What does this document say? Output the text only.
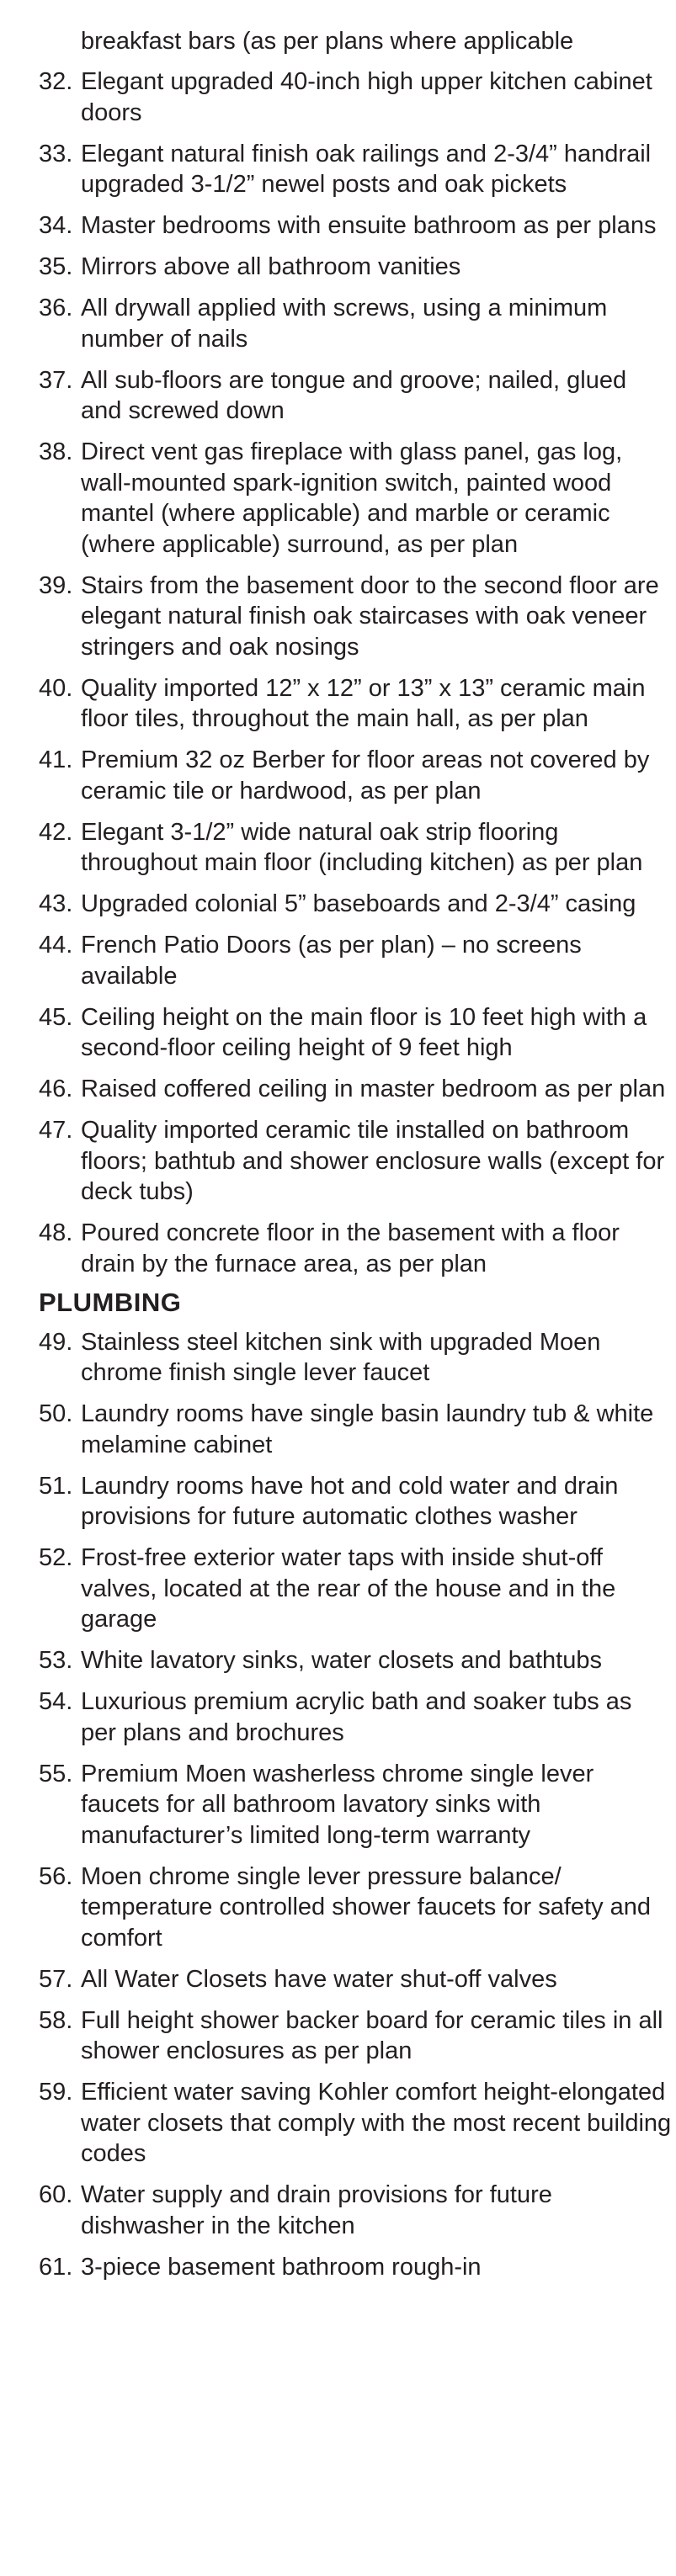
breakfast bars (as per plans where applicable
32. Elegant upgraded 40-inch high upper kitchen cabinet doors
33. Elegant natural finish oak railings and 2-3/4” handrail upgraded 3-1/2” newel posts and oak pickets
34. Master bedrooms with ensuite bathroom as per plans
35. Mirrors above all bathroom vanities
36. All drywall applied with screws, using a minimum number of nails
37. All sub-floors are tongue and groove; nailed, glued and screwed down
38. Direct vent gas fireplace with glass panel, gas log, wall-mounted spark-ignition switch, painted wood mantel (where applicable) and marble or ceramic (where applicable) surround, as per plan
39. Stairs from the basement door to the second floor are elegant natural finish oak staircases with oak veneer stringers and oak nosings
40. Quality imported 12” x 12” or 13” x 13” ceramic main floor tiles, throughout the main hall, as per plan
41. Premium 32 oz Berber for floor areas not covered by ceramic tile or hardwood, as per plan
42. Elegant 3-1/2” wide natural oak strip flooring throughout main floor (including kitchen) as per plan
43. Upgraded colonial 5” baseboards and 2-3/4” casing
44. French Patio Doors (as per plan) – no screens available
45. Ceiling height on the main floor is 10 feet high with a second-floor ceiling height of 9 feet high
46. Raised coffered ceiling in master bedroom as per plan
47. Quality imported ceramic tile installed on bathroom floors; bathtub and shower enclosure walls (except for deck tubs)
48. Poured concrete floor in the basement with a floor drain by the furnace area, as per plan
PLUMBING
49. Stainless steel kitchen sink with upgraded Moen chrome finish single lever faucet
50. Laundry rooms have single basin laundry tub & white melamine cabinet
51. Laundry rooms have hot and cold water and drain provisions for future automatic clothes washer
52. Frost-free exterior water taps with inside shut-off valves, located at the rear of the house and in the garage
53. White lavatory sinks, water closets and bathtubs
54. Luxurious premium acrylic bath and soaker tubs as per plans and brochures
55. Premium Moen washerless chrome single lever faucets for all bathroom lavatory sinks with manufacturer’s limited long-term warranty
56. Moen chrome single lever pressure balance/ temperature controlled shower faucets for safety and comfort
57. All Water Closets have water shut-off valves
58. Full height shower backer board for ceramic tiles in all shower enclosures as per plan
59. Efficient water saving Kohler comfort height-elongated water closets that comply with the most recent building codes
60. Water supply and drain provisions for future dishwasher in the kitchen
61. 3-piece basement bathroom rough-in
